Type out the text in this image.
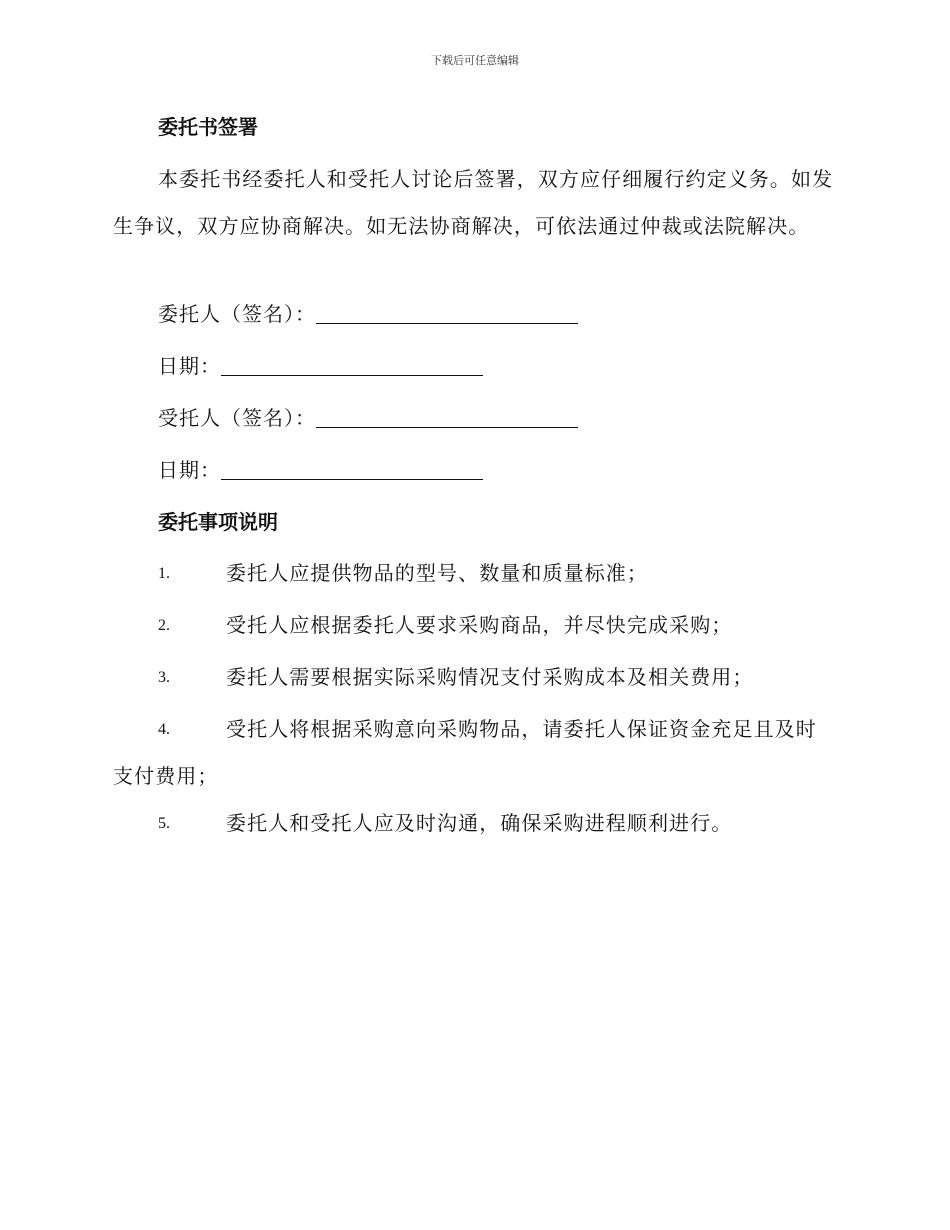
下载后可任意编辑
委托书签署
本委托书经委托人和受托人讨论后签署，双方应仔细履行约定义务。如发生争议，双方应协商解决。如无法协商解决，可依法通过仲裁或法院解决。
委托人（签名）：
日期：
受托人（签名）：
日期：
委托事项说明
1.	委托人应提供物品的型号、数量和质量标准；
2.	受托人应根据委托人要求采购商品，并尽快完成采购；
3.	委托人需要根据实际采购情况支付采购成本及相关费用；
4.	受托人将根据采购意向采购物品，请委托人保证资金充足且及时支付费用；
5.	委托人和受托人应及时沟通，确保采购进程顺利进行。
